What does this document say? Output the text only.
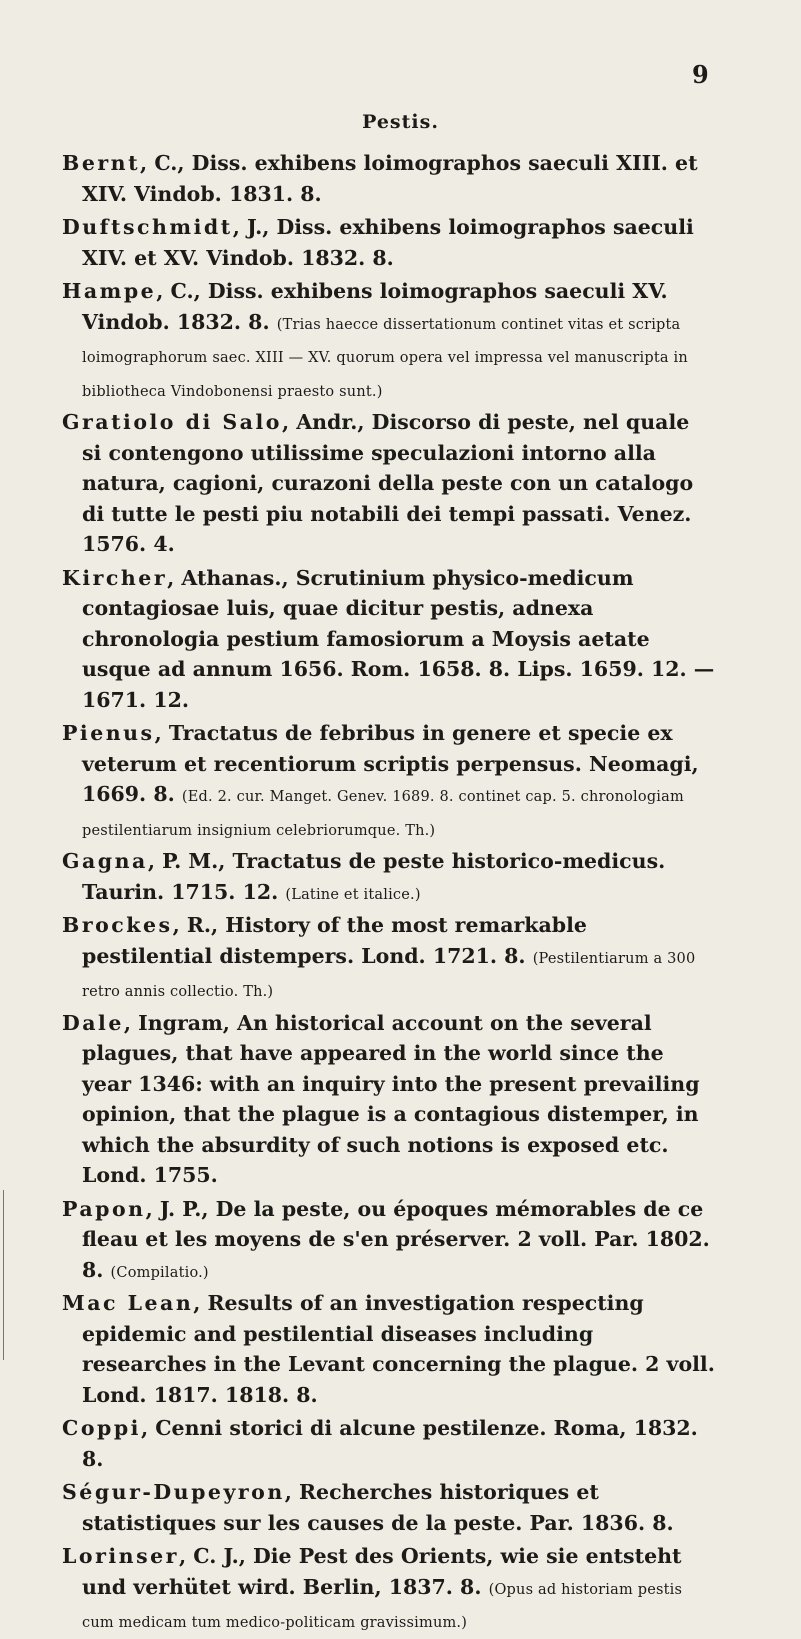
9
Pestis.

Bernt, C., Diss. exhibens loimographos saeculi XIII. et XIV. Vindob. 1831. 8.

Duftschmidt, J., Diss. exhibens loimographos saeculi XIV. et XV. Vindob. 1832. 8.

Hampe, C., Diss. exhibens loimographos saeculi XV. Vindob. 1832. 8. (Trias haecce dissertationum continet vitas et scripta loimographorum saec. XIII — XV. quorum opera vel impressa vel manuscripta in bibliotheca Vindobonensi praesto sunt.)

Gratiolo di Salo, Andr., Discorso di peste, nel quale si contengono utilissime speculazioni intorno alla natura, cagioni, curazoni della peste con un catalogo di tutte le pesti piu notabili dei tempi passati. Venez. 1576. 4.

Kircher, Athanas., Scrutinium physico-medicum contagiosae luis, quae dicitur pestis, adnexa chronologia pestium famosiorum a Moysis aetate usque ad annum 1656. Rom. 1658. 8. Lips. 1659. 12. — 1671. 12.

Pienus, Tractatus de febribus in genere et specie ex veterum et recentiorum scriptis perpensus. Neomagi, 1669. 8. (Ed. 2. cur. Manget. Genev. 1689. 8. continet cap. 5. chronologiam pestilentiarum insignium celebriorumque. Th.)

Gagna, P. M., Tractatus de peste historico-medicus. Taurin. 1715. 12. (Latine et italice.)

Brockes, R., History of the most remarkable pestilential distempers. Lond. 1721. 8. (Pestilentiarum a 300 retro annis collectio. Th.)

Dale, Ingram, An historical account on the several plagues, that have appeared in the world since the year 1346: with an inquiry into the present prevailing opinion, that the plague is a contagious distemper, in which the absurdity of such notions is exposed etc. Lond. 1755.

Papon, J. P., De la peste, ou époques mémorables de ce fleau et les moyens de s'en préserver. 2 voll. Par. 1802. 8. (Compilatio.)

Mac Lean, Results of an investigation respecting epidemic and pestilential diseases including researches in the Levant concerning the plague. 2 voll. Lond. 1817. 1818. 8.

Coppi, Cenni storici di alcune pestilenze. Roma, 1832. 8.

Ségur-Dupeyron, Recherches historiques et statistiques sur les causes de la peste. Par. 1836. 8.

Lorinser, C. J., Die Pest des Orients, wie sie entsteht und verhütet wird. Berlin, 1837. 8. (Opus ad historiam pestis cum medicam tum medico-politicam gravissimum.)
